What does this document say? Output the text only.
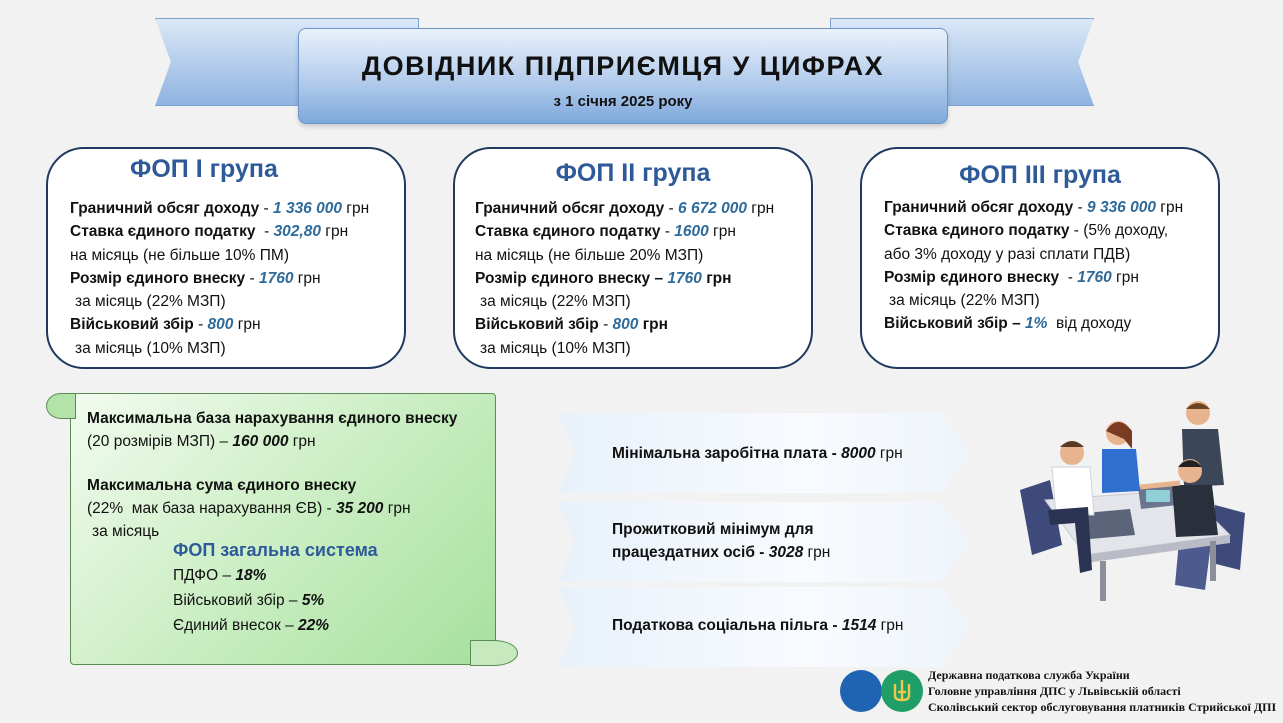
ДОВІДНИК ПІДПРИЄМЦЯ У ЦИФРАХ
з 1 січня 2025 року
ФОП І група
Граничний обсяг доходу - 1 336 000 грн
Ставка єдиного податку  - 302,80 грн
на місяць (не більше 10% ПМ)
Розмір єдиного внеску - 1760 грн
за місяць (22% МЗП)
Військовий збір - 800 грн
за місяць (10% МЗП)
ФОП ІІ група
Граничний обсяг доходу - 6 672 000 грн
Ставка єдиного податку - 1600 грн
на місяць (не більше 20% МЗП)
Розмір єдиного внеску – 1760 грн
за місяць (22% МЗП)
Військовий збір - 800 грн
за місяць (10% МЗП)
ФОП ІІІ група
Граничний обсяг доходу - 9 336 000 грн
Ставка єдиного податку - (5% доходу,
або 3% доходу у разі сплати ПДВ)
Розмір єдиного внеску  - 1760 грн
за місяць (22% МЗП)
Військовий збір – 1%  від доходу
Максимальна база нарахування єдиного внеску
(20 розмірів МЗП) – 160 000 грн
Максимальна сума єдиного внеску
(22%  мак база нарахування ЄВ) - 35 200 грн
за місяць
ФОП загальна система
ПДФО – 18%
Військовий збір – 5%
Єдиний внесок – 22%
Мінімальна заробітна плата - 8000 грн
Прожитковий мінімум для
працездатних осіб - 3028 грн
Податкова соціальна пільга - 1514 грн
Державна податкова служба України
Головне управління ДПС у Львівській області
Сколівський сектор обслуговування платників Стрийської ДПІ
